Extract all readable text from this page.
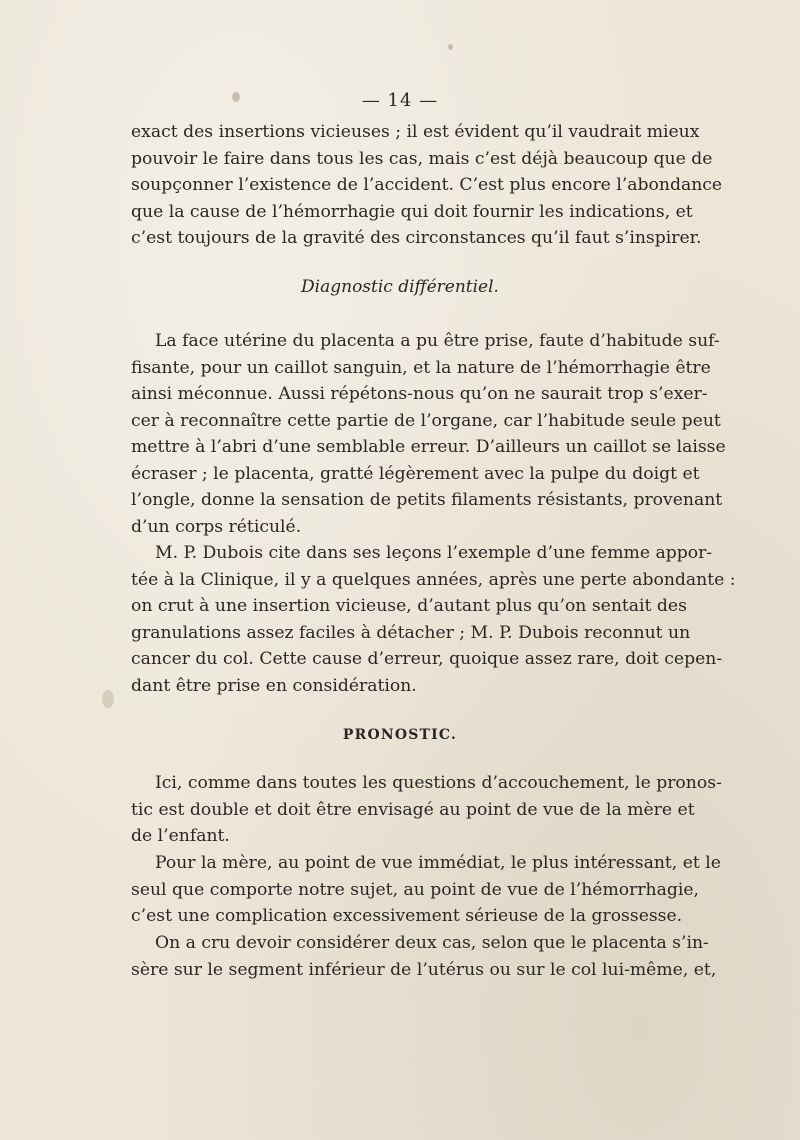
— 14 —
exact des insertions vicieuses ; il est évident qu’il vaudrait mieux
pouvoir le faire dans tous les cas, mais c’est déjà beaucoup que de
soupçonner l’existence de l’accident. C’est plus encore l’abondance
que la cause de l’hémorrhagie qui doit fournir les indications, et
c’est toujours de la gravité des circonstances qu’il faut s’inspirer.
Diagnostic différentiel.
La face utérine du placenta a pu être prise, faute d’habitude suf-
fisante, pour un caillot sanguin, et la nature de l’hémorrhagie être
ainsi méconnue. Aussi répétons-nous qu’on ne saurait trop s’exer-
cer à reconnaître cette partie de l’organe, car l’habitude seule peut
mettre à l’abri d’une semblable erreur. D’ailleurs un caillot se laisse
écraser ; le placenta, gratté légèrement avec la pulpe du doigt et
l’ongle, donne la sensation de petits filaments résistants, provenant
d’un corps réticulé.
M. P. Dubois cite dans ses leçons l’exemple d’une femme appor-
tée à la Clinique, il y a quelques années, après une perte abondante :
on crut à une insertion vicieuse, d’autant plus qu’on sentait des
granulations assez faciles à détacher ; M. P. Dubois reconnut un
cancer du col. Cette cause d’erreur, quoique assez rare, doit cepen-
dant être prise en considération.
PRONOSTIC.
Ici, comme dans toutes les questions d’accouchement, le pronos-
tic est double et doit être envisagé au point de vue de la mère et
de l’enfant.
Pour la mère, au point de vue immédiat, le plus intéressant, et le
seul que comporte notre sujet, au point de vue de l’hémorrhagie,
c’est une complication excessivement sérieuse de la grossesse.
On a cru devoir considérer deux cas, selon que le placenta s’in-
sère sur le segment inférieur de l’utérus ou sur le col lui-même, et,
